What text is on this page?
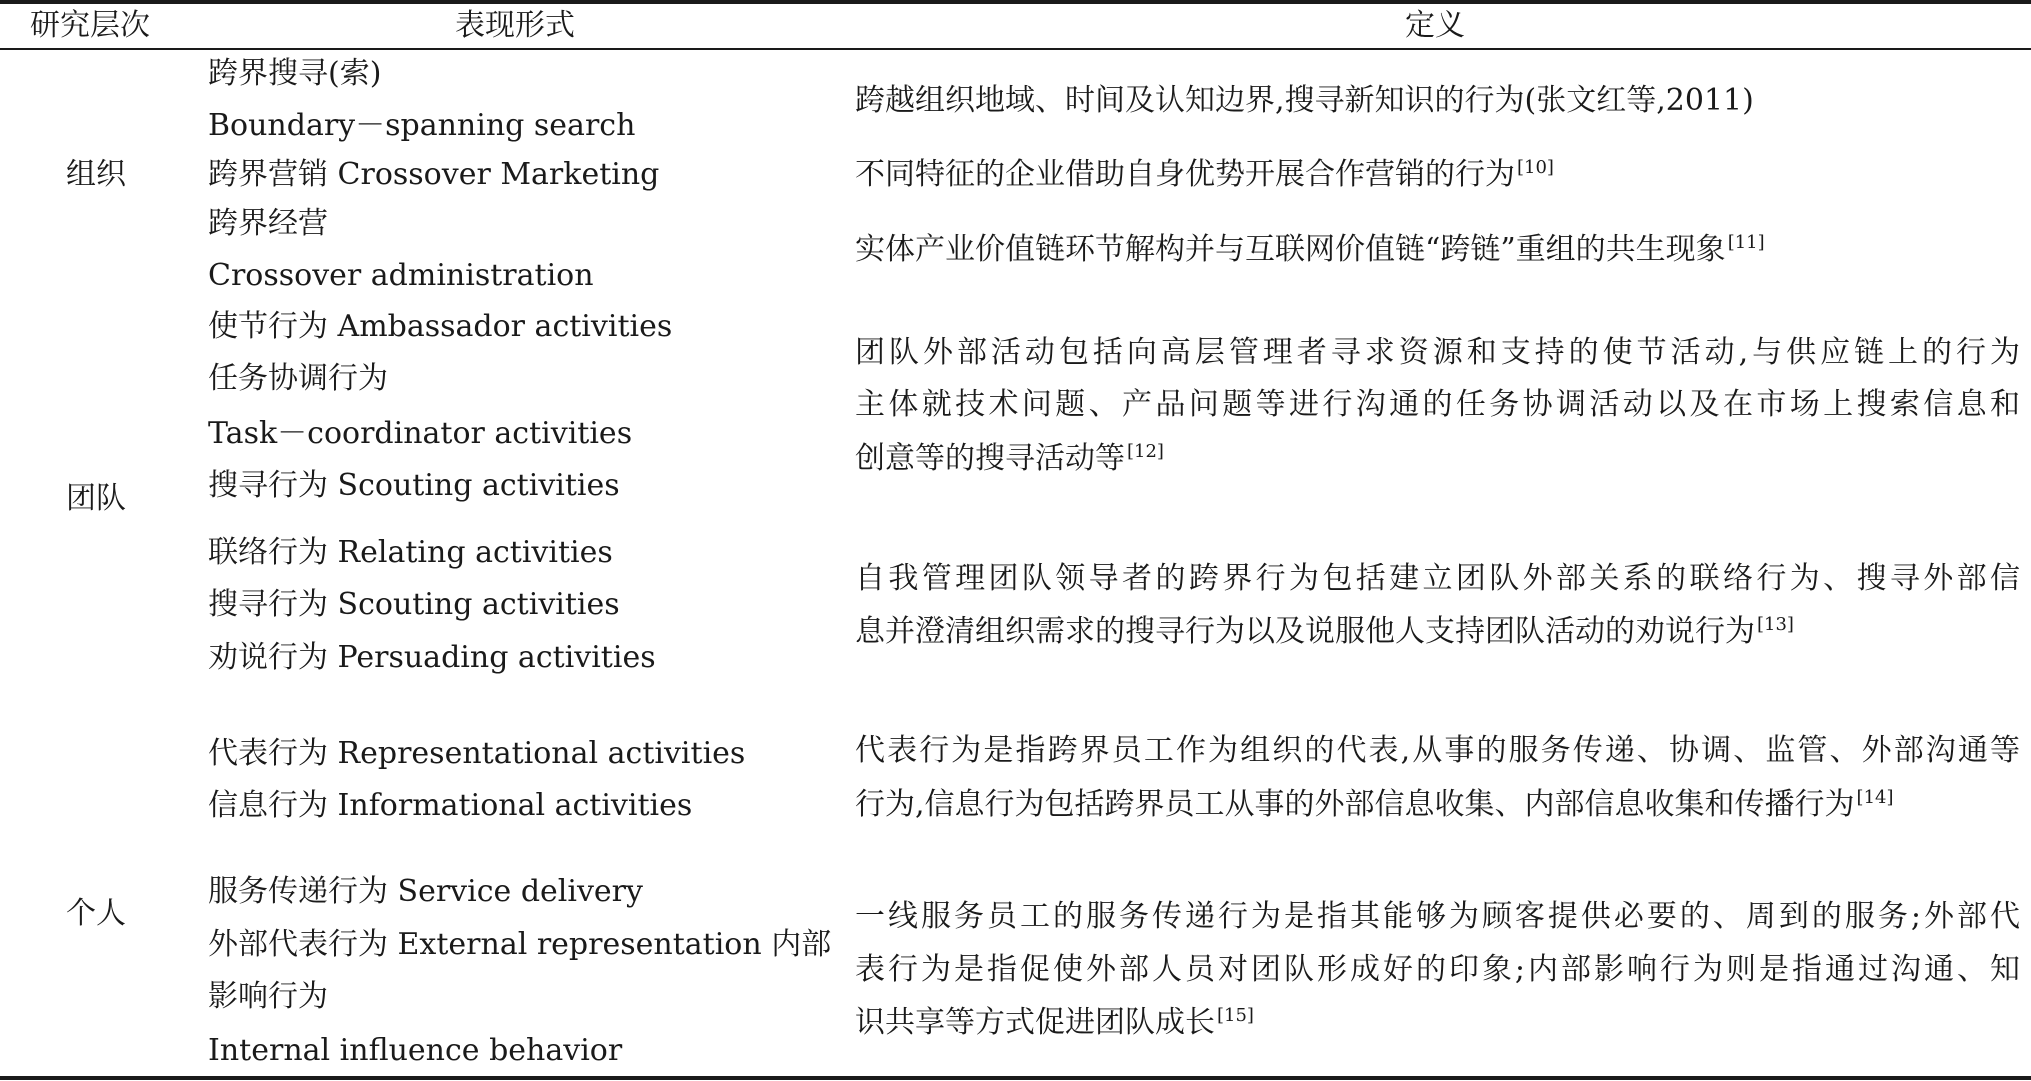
研究层次	表现形式	定义
组织
团队
个人
跨界搜寻(索)
Boundary－spanning search
跨界营销 Crossover Marketing
跨界经营
Crossover administration
使节行为 Ambassador activities
任务协调行为
Task－coordinator activities
搜寻行为 Scouting activities
联络行为 Relating activities
搜寻行为 Scouting activities
劝说行为 Persuading activities
代表行为 Representational activities
信息行为 Informational activities
服务传递行为 Service delivery
外部代表行为 External representation 内部
影响行为
Internal influence behavior
跨越组织地域、时间及认知边界,搜寻新知识的行为(张文红等,2011)
不同特征的企业借助自身优势开展合作营销的行为 [10]
实体产业价值链环节解构并与互联网价值链“跨链”重组的共生现象 [11]
团队外部活动包括向高层管理者寻求资源和支持的使节活动,与供应链上的行为
主体就技术问题、产品问题等进行沟通的任务协调活动以及在市场上搜索信息和
创意等的搜寻活动等 [12]
自我管理团队领导者的跨界行为包括建立团队外部关系的联络行为、搜寻外部信
息并澄清组织需求的搜寻行为以及说服他人支持团队活动的劝说行为 [13]
代表行为是指跨界员工作为组织的代表,从事的服务传递、协调、监管、外部沟通等
行为,信息行为包括跨界员工从事的外部信息收集、内部信息收集和传播行为 [14]
一线服务员工的服务传递行为是指其能够为顾客提供必要的、周到的服务;外部代
表行为是指促使外部人员对团队形成好的印象;内部影响行为则是指通过沟通、知
识共享等方式促进团队成长 [15]
